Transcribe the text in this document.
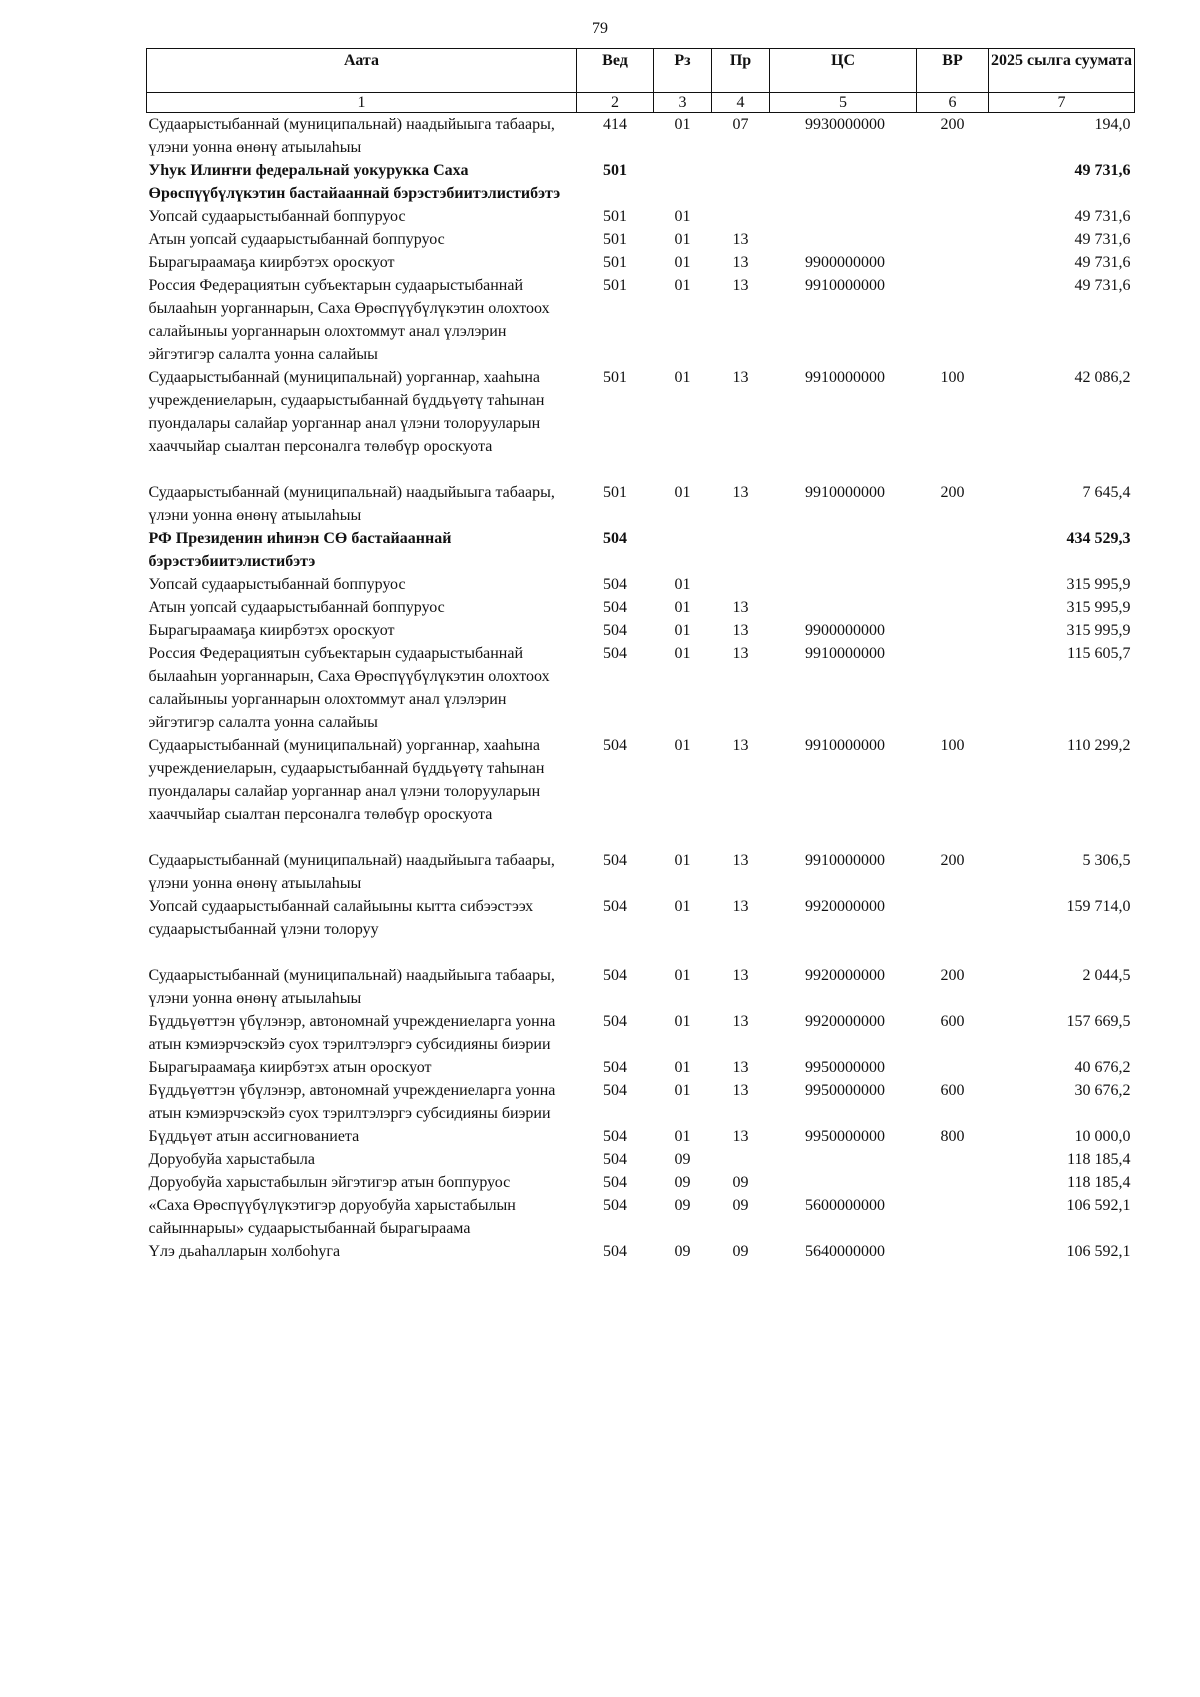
79
Аата	Вед	Рз	Пр	ЦС	ВР	2025 сылга суумата
1	2	3	4	5	6	7
Судаарыстыбаннай (муниципальнай) наадыйыыга табаары, үлэни уонна өнөнү атыылаһыы	414	01	07	9930000000	200	194,0
Уһук Илиҥҥи федеральнай уокурукка Саха Өрөспүүбүлүкэтин бастайааннай бэрэстэбиитэлистибэтэ	501					49 731,6
Уопсай судаарыстыбаннай боппуруос	501	01				49 731,6
Атын уопсай судаарыстыбаннай боппуруос	501	01	13			49 731,6
Бырагыраамаҕа киирбэтэх ороскуот	501	01	13	9900000000		49 731,6
Россия Федерациятын субъектарын судаарыстыбаннай былааһын уорганнарын, Саха Өрөспүүбүлүкэтин олохтоох салайыныы уорганнарын олохтоммут анал үлэлэрин эйгэтигэр салалта уонна салайыы	501	01	13	9910000000		49 731,6
Судаарыстыбаннай (муниципальнай) уорганнар, хааһына учреждениеларын, судаарыстыбаннай бүддьүөтү таһынан пуондалары салайар уорганнар анал үлэни толорууларын хааччыйар сыалтан персоналга төлөбүр ороскуота	501	01	13	9910000000	100	42 086,2
Судаарыстыбаннай (муниципальнай) наадыйыыга табаары, үлэни уонна өнөнү атыылаһыы	501	01	13	9910000000	200	7 645,4
РФ Президенин иһинэн СӨ бастайааннай бэрэстэбиитэлистибэтэ	504					434 529,3
Уопсай судаарыстыбаннай боппуруос	504	01				315 995,9
Атын уопсай судаарыстыбаннай боппуруос	504	01	13			315 995,9
Бырагыраамаҕа киирбэтэх ороскуот	504	01	13	9900000000		315 995,9
Россия Федерациятын субъектарын судаарыстыбаннай былааһын уорганнарын, Саха Өрөспүүбүлүкэтин олохтоох салайыныы уорганнарын олохтоммут анал үлэлэрин эйгэтигэр салалта уонна салайыы	504	01	13	9910000000		115 605,7
Судаарыстыбаннай (муниципальнай) уорганнар, хааһына учреждениеларын, судаарыстыбаннай бүддьүөтү таһынан пуондалары салайар уорганнар анал үлэни толорууларын хааччыйар сыалтан персоналга төлөбүр ороскуота	504	01	13	9910000000	100	110 299,2
Судаарыстыбаннай (муниципальнай) наадыйыыга табаары, үлэни уонна өнөнү атыылаһыы	504	01	13	9910000000	200	5 306,5
Уопсай судаарыстыбаннай салайыыны кыттa сибээстээх судаарыстыбаннай үлэни толоруу	504	01	13	9920000000		159 714,0
Судаарыстыбаннай (муниципальнай) наадыйыыга табаары, үлэни уонна өнөнү атыылаһыы	504	01	13	9920000000	200	2 044,5
Бүддьүөттэн үбүлэнэр, автономнай учреждениеларга уонна атын кэмиэрчэскэйэ суох тэрилтэлэргэ субсидияны биэрии	504	01	13	9920000000	600	157 669,5
Бырагыраамаҕа киирбэтэх атын ороскуот	504	01	13	9950000000		40 676,2
Бүддьүөттэн үбүлэнэр, автономнай учреждениеларга уонна атын кэмиэрчэскэйэ суох тэрилтэлэргэ субсидияны биэрии	504	01	13	9950000000	600	30 676,2
Бүддьүөт атын ассигнованиета	504	01	13	9950000000	800	10 000,0
Доруобуйа харыстабыла	504	09				118 185,4
Доруобуйа харыстабылын эйгэтигэр атын боппуруос	504	09	09			118 185,4
«Саха Өрөспүүбүлүкэтигэр доруобуйа харыстабылын сайыннарыы» судаарыстыбаннай бырагыраама	504	09	09	5600000000		106 592,1
Үлэ дьаһалларын холбоһуга	504	09	09	5640000000		106 592,1
